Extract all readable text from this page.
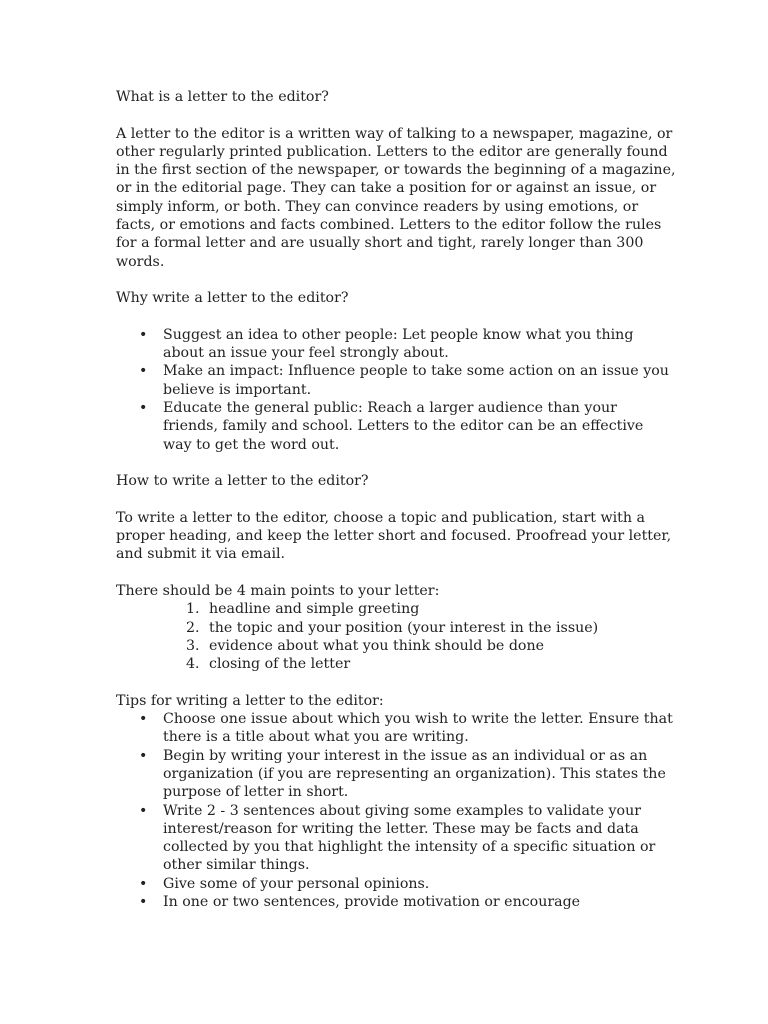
What is a letter to the editor?

A letter to the editor is a written way of talking to a newspaper, magazine, or other regularly printed publication. Letters to the editor are generally found in the first section of the newspaper, or towards the beginning of a magazine, or in the editorial page. They can take a position for or against an issue, or simply inform, or both. They can convince readers by using emotions, or facts, or emotions and facts combined. Letters to the editor follow the rules for a formal letter and are usually short and tight, rarely longer than 300 words.

Why write a letter to the editor?

• Suggest an idea to other people: Let people know what you thing about an issue your feel strongly about.
• Make an impact: Influence people to take some action on an issue you believe is important.
• Educate the general public: Reach a larger audience than your friends, family and school. Letters to the editor can be an effective way to get the word out.

How to write a letter to the editor?

To write a letter to the editor, choose a topic and publication, start with a proper heading, and keep the letter short and focused. Proofread your letter, and submit it via email.

There should be 4 main points to your letter:

1. headline and simple greeting
2. the topic and your position (your interest in the issue)
3. evidence about what you think should be done
4. closing of the letter

Tips for writing a letter to the editor:

• Choose one issue about which you wish to write the letter. Ensure that there is a title about what you are writing.
• Begin by writing your interest in the issue as an individual or as an organization (if you are representing an organization). This states the purpose of letter in short.
• Write 2 - 3 sentences about giving some examples to validate your interest/reason for writing the letter. These may be facts and data collected by you that highlight the intensity of a specific situation or other similar things.
• Give some of your personal opinions.
• In one or two sentences, provide motivation or encourage
